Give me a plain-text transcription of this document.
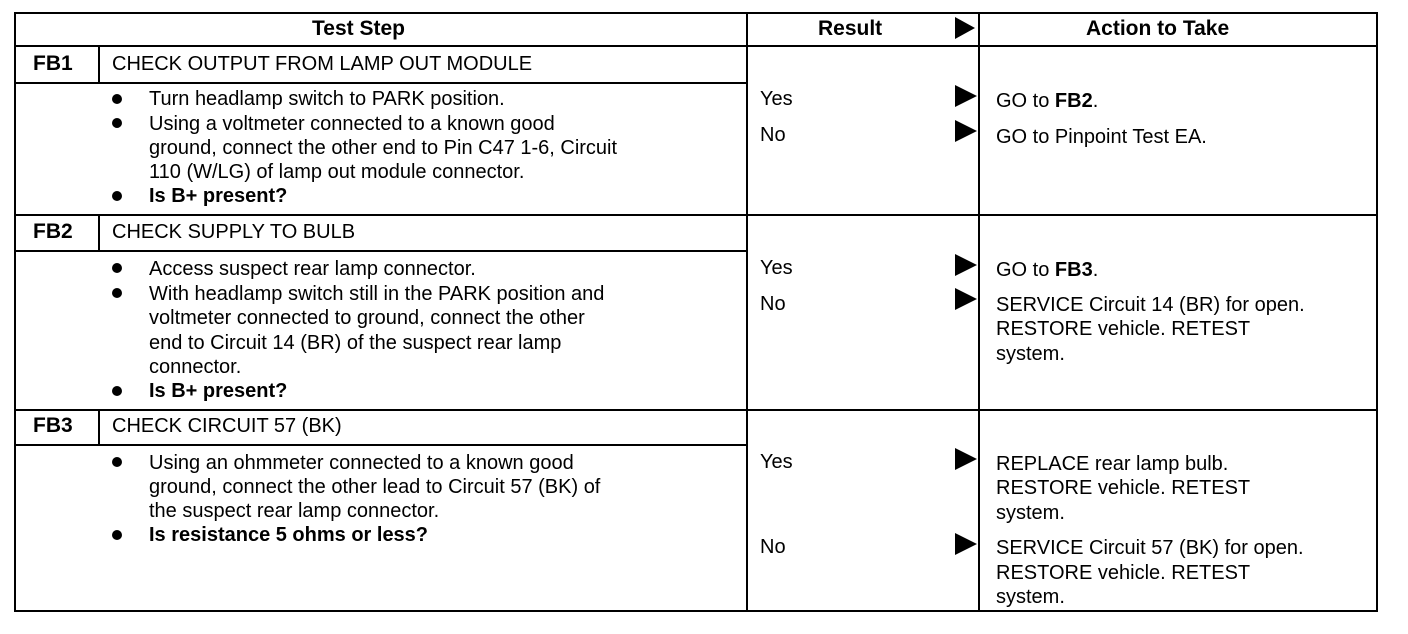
Test Step	Result	Action to Take
FB1 CHECK OUTPUT FROM LAMP OUT MODULE
Turn headlamp switch to PARK position.
Using a voltmeter connected to a known good
ground, connect the other end to Pin C47 1-6, Circuit
110 (W/LG) of lamp out module connector.
Is B+ present?
Yes	GO to FB2.
No	GO to Pinpoint Test EA.
FB2 CHECK SUPPLY TO BULB
Access suspect rear lamp connector.
With headlamp switch still in the PARK position and
voltmeter connected to ground, connect the other
end to Circuit 14 (BR) of the suspect rear lamp
connector.
Is B+ present?
Yes	GO to FB3.
No	SERVICE Circuit 14 (BR) for open.
RESTORE vehicle. RETEST
system.
FB3 CHECK CIRCUIT 57 (BK)
Using an ohmmeter connected to a known good
ground, connect the other lead to Circuit 57 (BK) of
the suspect rear lamp connector.
Is resistance 5 ohms or less?
Yes	REPLACE rear lamp bulb.
RESTORE vehicle. RETEST
system.
No	SERVICE Circuit 57 (BK) for open.
RESTORE vehicle. RETEST
system.
